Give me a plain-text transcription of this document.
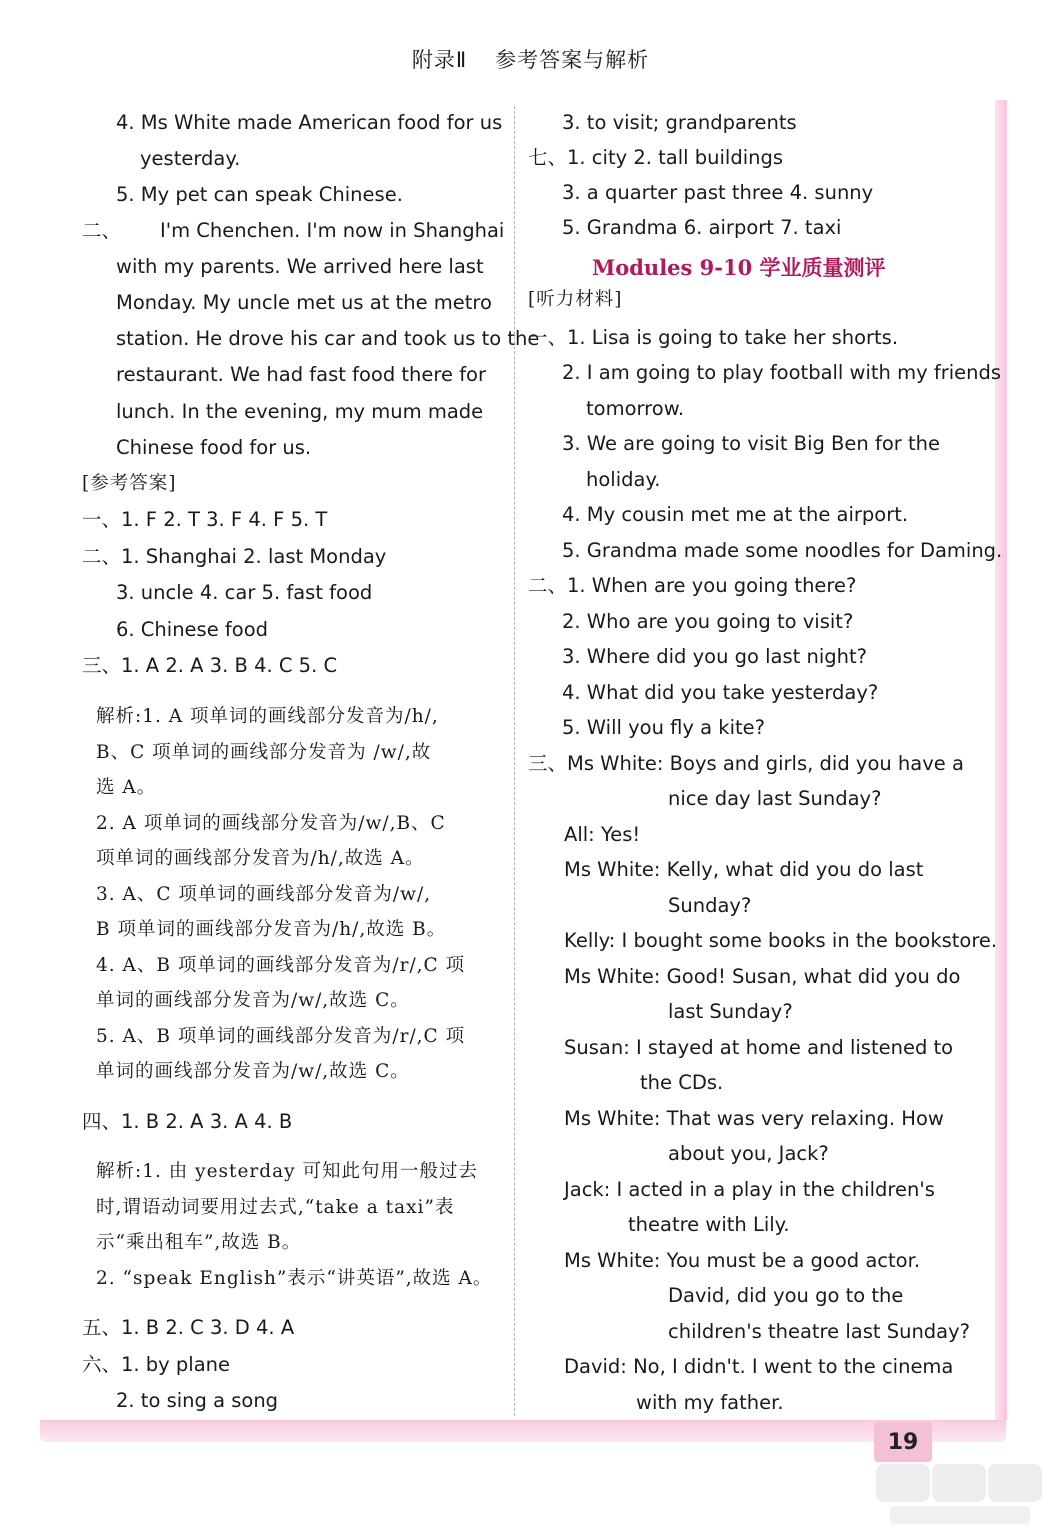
附录Ⅱ 参考答案与解析
4. Ms White made American food for us
yesterday.
5. My pet can speak Chinese.
二、 I'm Chenchen. I'm now in Shanghai
with my parents. We arrived here last
Monday. My uncle met us at the metro
station. He drove his car and took us to the
restaurant. We had fast food there for
lunch. In the evening, my mum made
Chinese food for us.
[参考答案]
一、1. F 2. T 3. F 4. F 5. T
二、1. Shanghai 2. last Monday
3. uncle 4. car 5. fast food
6. Chinese food
三、1. A 2. A 3. B 4. C 5. C
解析:1. A 项单词的画线部分发音为/h/,
B、C 项单词的画线部分发音为 /w/,故
选 A。
2. A 项单词的画线部分发音为/w/,B、C
项单词的画线部分发音为/h/,故选 A。
3. A、C 项单词的画线部分发音为/w/,
B 项单词的画线部分发音为/h/,故选 B。
4. A、B 项单词的画线部分发音为/r/,C 项
单词的画线部分发音为/w/,故选 C。
5. A、B 项单词的画线部分发音为/r/,C 项
单词的画线部分发音为/w/,故选 C。
四、1. B 2. A 3. A 4. B
解析:1. 由 yesterday 可知此句用一般过去
时,谓语动词要用过去式,“take a taxi”表
示“乘出租车”,故选 B。
2. “speak English”表示“讲英语”,故选 A。
五、1. B 2. C 3. D 4. A
六、1. by plane
2. to sing a song
3. to visit; grandparents
七、1. city 2. tall buildings
3. a quarter past three 4. sunny
5. Grandma 6. airport 7. taxi
Modules 9-10 学业质量测评
[听力材料]
一、1. Lisa is going to take her shorts.
2. I am going to play football with my friends
tomorrow.
3. We are going to visit Big Ben for the
holiday.
4. My cousin met me at the airport.
5. Grandma made some noodles for Daming.
二、1. When are you going there?
2. Who are you going to visit?
3. Where did you go last night?
4. What did you take yesterday?
5. Will you fly a kite?
三、Ms White: Boys and girls, did you have a
nice day last Sunday?
All: Yes!
Ms White: Kelly, what did you do last
Sunday?
Kelly: I bought some books in the bookstore.
Ms White: Good! Susan, what did you do
last Sunday?
Susan: I stayed at home and listened to
the CDs.
Ms White: That was very relaxing. How
about you, Jack?
Jack: I acted in a play in the children's
theatre with Lily.
Ms White: You must be a good actor.
David, did you go to the
children's theatre last Sunday?
David: No, I didn't. I went to the cinema
with my father.
19
